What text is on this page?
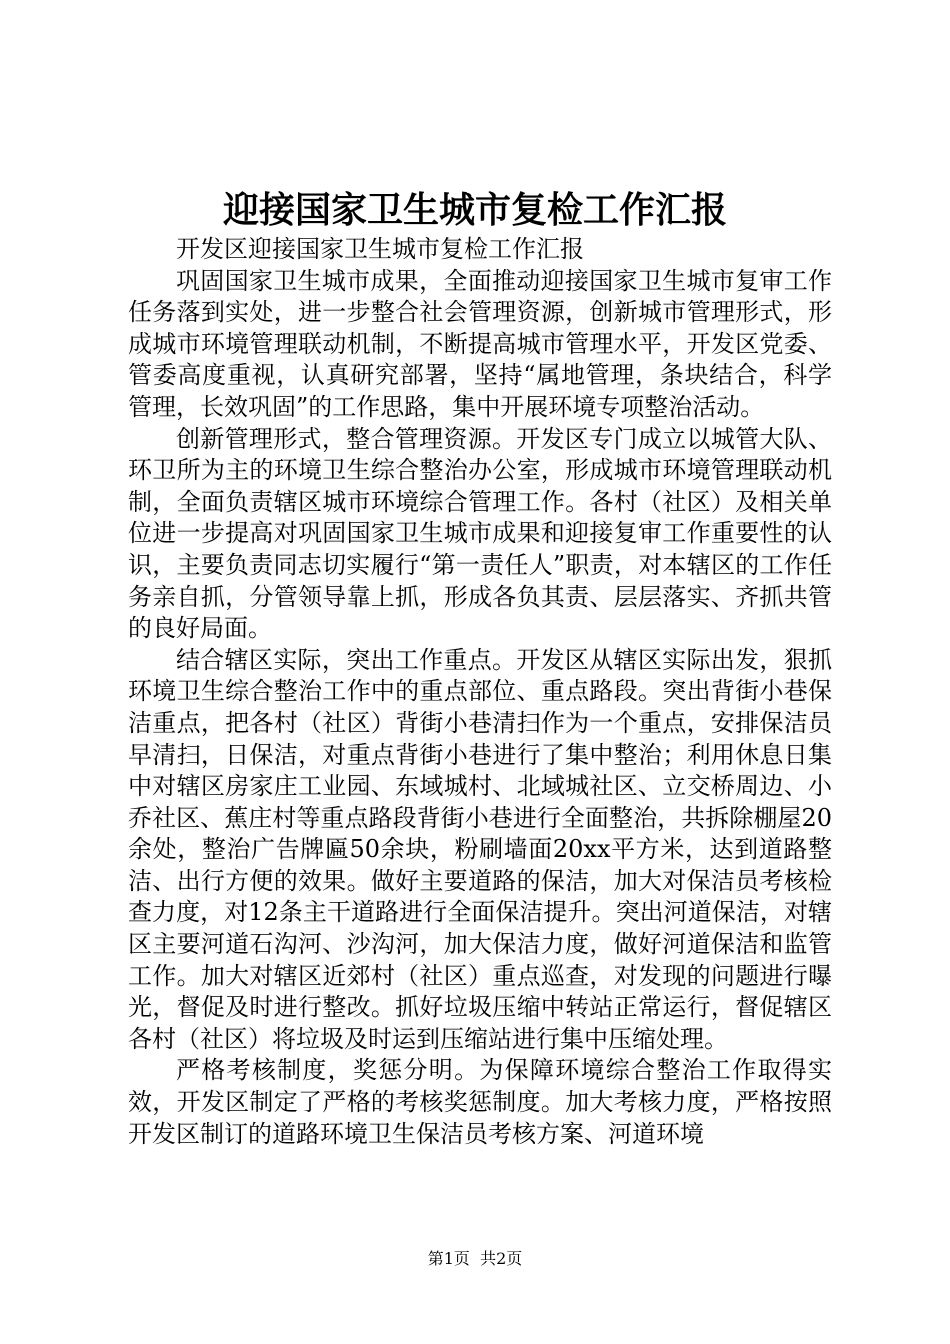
迎接国家卫生城市复检工作汇报

开发区迎接国家卫生城市复检工作汇报

巩固国家卫生城市成果，全面推动迎接国家卫生城市复审工作任务落到实处，进一步整合社会管理资源，创新城市管理形式，形成城市环境管理联动机制，不断提高城市管理水平，开发区党委、管委高度重视，认真研究部署，坚持“属地管理，条块结合，科学管理，长效巩固”的工作思路，集中开展环境专项整治活动。

创新管理形式，整合管理资源。开发区专门成立以城管大队、环卫所为主的环境卫生综合整治办公室，形成城市环境管理联动机制，全面负责辖区城市环境综合管理工作。各村（社区）及相关单位进一步提高对巩固国家卫生城市成果和迎接复审工作重要性的认识，主要负责同志切实履行“第一责任人”职责，对本辖区的工作任务亲自抓，分管领导靠上抓，形成各负其责、层层落实、齐抓共管的良好局面。

结合辖区实际，突出工作重点。开发区从辖区实际出发，狠抓环境卫生综合整治工作中的重点部位、重点路段。突出背街小巷保洁重点，把各村（社区）背街小巷清扫作为一个重点，安排保洁员早清扫，日保洁，对重点背街小巷进行了集中整治；利用休息日集中对辖区房家庄工业园、东域城村、北域城社区、立交桥周边、小乔社区、蕉庄村等重点路段背街小巷进行全面整治，共拆除棚屋20余处，整治广告牌匾50余块，粉刷墙面20xx平方米，达到道路整洁、出行方便的效果。做好主要道路的保洁，加大对保洁员考核检查力度，对12条主干道路进行全面保洁提升。突出河道保洁，对辖区主要河道石沟河、沙沟河，加大保洁力度，做好河道保洁和监管工作。加大对辖区近郊村（社区）重点巡查，对发现的问题进行曝光，督促及时进行整改。抓好垃圾压缩中转站正常运行，督促辖区各村（社区）将垃圾及时运到压缩站进行集中压缩处理。

严格考核制度，奖惩分明。为保障环境综合整治工作取得实效，开发区制定了严格的考核奖惩制度。加大考核力度，严格按照开发区制订的道路环境卫生保洁员考核方案、河道环境

第1页  共2页
